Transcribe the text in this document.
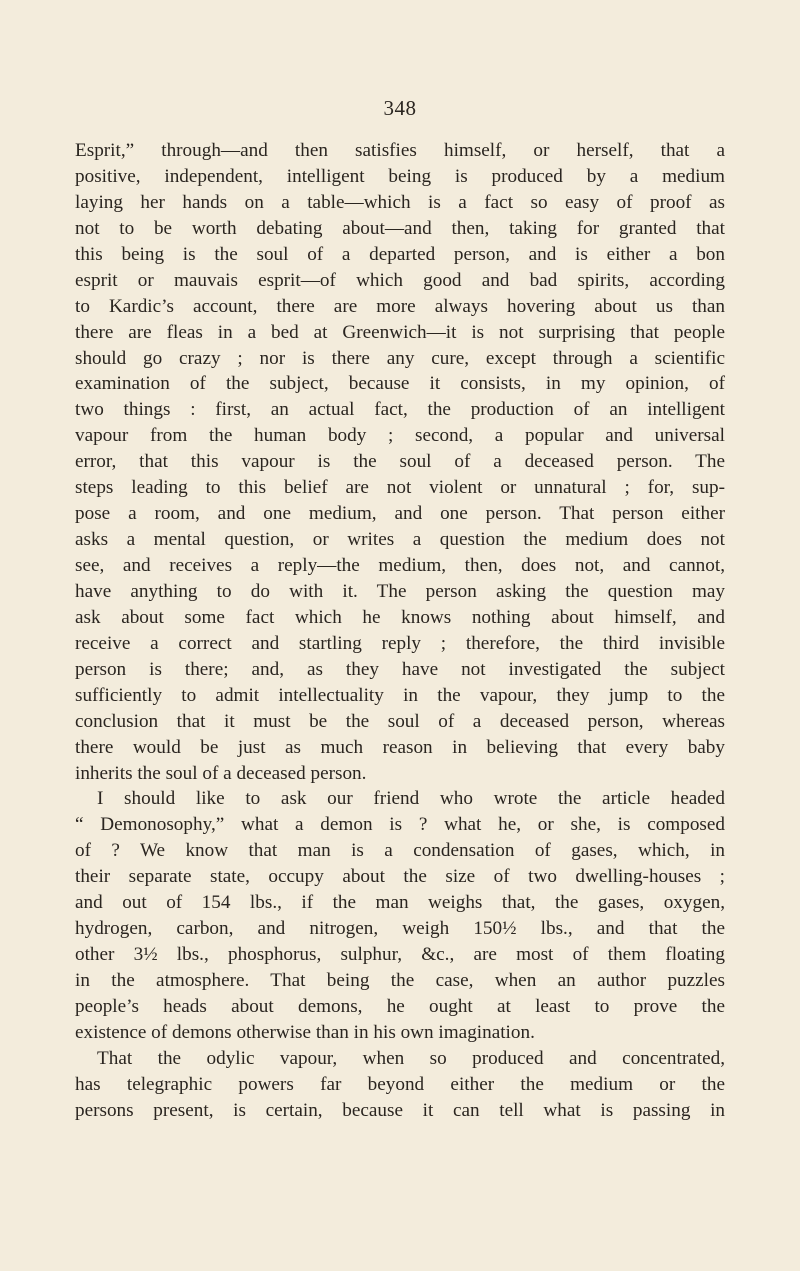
348
Esprit,” through—and then satisfies himself, or herself, that a
positive, independent, intelligent being is produced by a medium
laying her hands on a table—which is a fact so easy of proof as
not to be worth debating about—and then, taking for granted that
this being is the soul of a departed person, and is either a bon
esprit or mauvais esprit—of which good and bad spirits, according
to Kardic’s account, there are more always hovering about us than
there are fleas in a bed at Greenwich—it is not surprising that people
should go crazy ; nor is there any cure, except through a scientific
examination of the subject, because it consists, in my opinion, of
two things : first, an actual fact, the production of an intelligent
vapour from the human body ; second, a popular and universal
error, that this vapour is the soul of a deceased person. The
steps leading to this belief are not violent or unnatural ; for, sup-
pose a room, and one medium, and one person. That person either
asks a mental question, or writes a question the medium does not
see, and receives a reply—the medium, then, does not, and cannot,
have anything to do with it. The person asking the question may
ask about some fact which he knows nothing about himself, and
receive a correct and startling reply ; therefore, the third invisible
person is there; and, as they have not investigated the subject
sufficiently to admit intellectuality in the vapour, they jump to the
conclusion that it must be the soul of a deceased person, whereas
there would be just as much reason in believing that every baby
inherits the soul of a deceased person.
I should like to ask our friend who wrote the article headed
“ Demonosophy,” what a demon is ? what he, or she, is composed
of ? We know that man is a condensation of gases, which, in
their separate state, occupy about the size of two dwelling-houses ;
and out of 154 lbs., if the man weighs that, the gases, oxygen,
hydrogen, carbon, and nitrogen, weigh 150½ lbs., and that the
other 3½ lbs., phosphorus, sulphur, &c., are most of them floating
in the atmosphere. That being the case, when an author puzzles
people’s heads about demons, he ought at least to prove the
existence of demons otherwise than in his own imagination.
That the odylic vapour, when so produced and concentrated,
has telegraphic powers far beyond either the medium or the
persons present, is certain, because it can tell what is passing in
